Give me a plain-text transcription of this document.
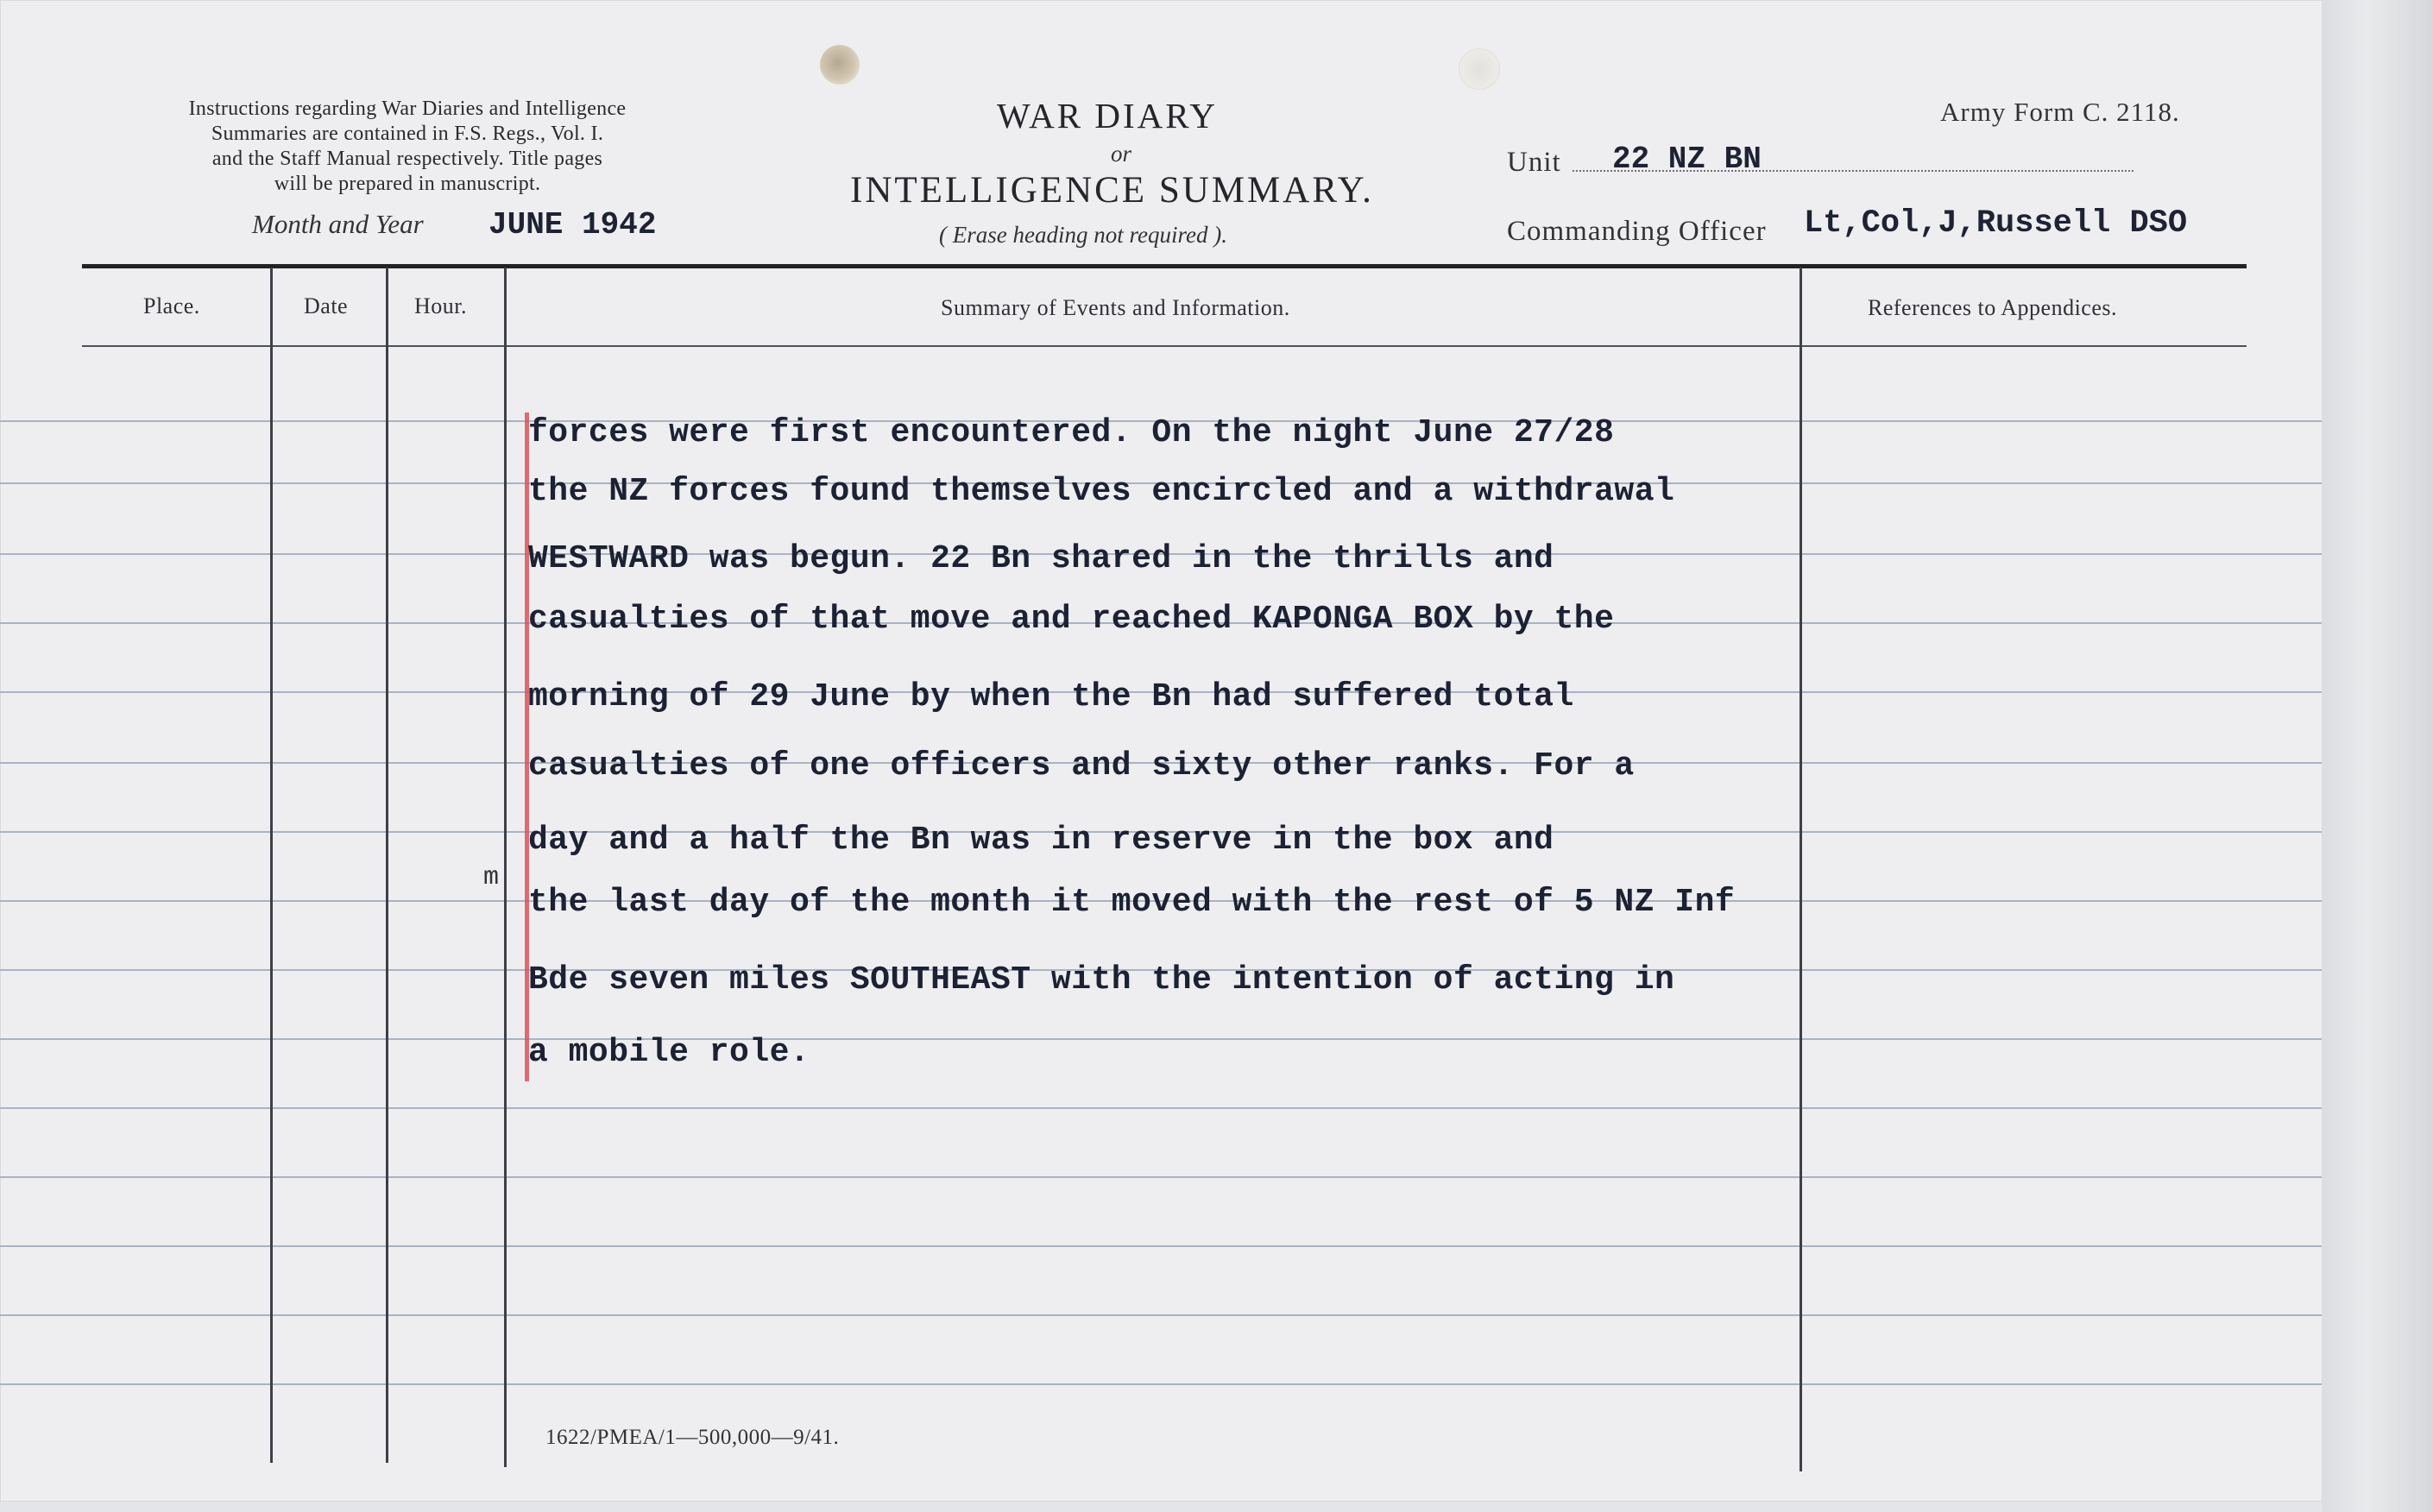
Instructions regarding War Diaries and Intelligence
Summaries are contained in F.S. Regs., Vol. I.
and the Staff Manual respectively. Title pages
will be prepared in manuscript.
Month and Year JUNE 1942
WAR DIARY
or
INTELLIGENCE SUMMARY.
( Erase heading not required ).
Army Form C. 2118.
Unit 22 NZ BN
Commanding Officer Lt,Col,J,Russell DSO
Place.	Date	Hour.	Summary of Events and Information.	References to Appendices.
forces were first encountered. On the night June 27/28
the NZ forces found themselves encircled and a withdrawal
WESTWARD was begun. 22 Bn shared in the thrills and
casualties of that move and reached KAPONGA BOX by the
morning of 29 June by when the Bn had suffered total
casualties of one officers and sixty other ranks. For a
day and a half the Bn was in reserve in the box and
the last day of the month it moved with the rest of 5 NZ Inf
Bde seven miles SOUTHEAST with the intention of acting in
a mobile role.
m
1622/PMEA/1—500,000—9/41.
